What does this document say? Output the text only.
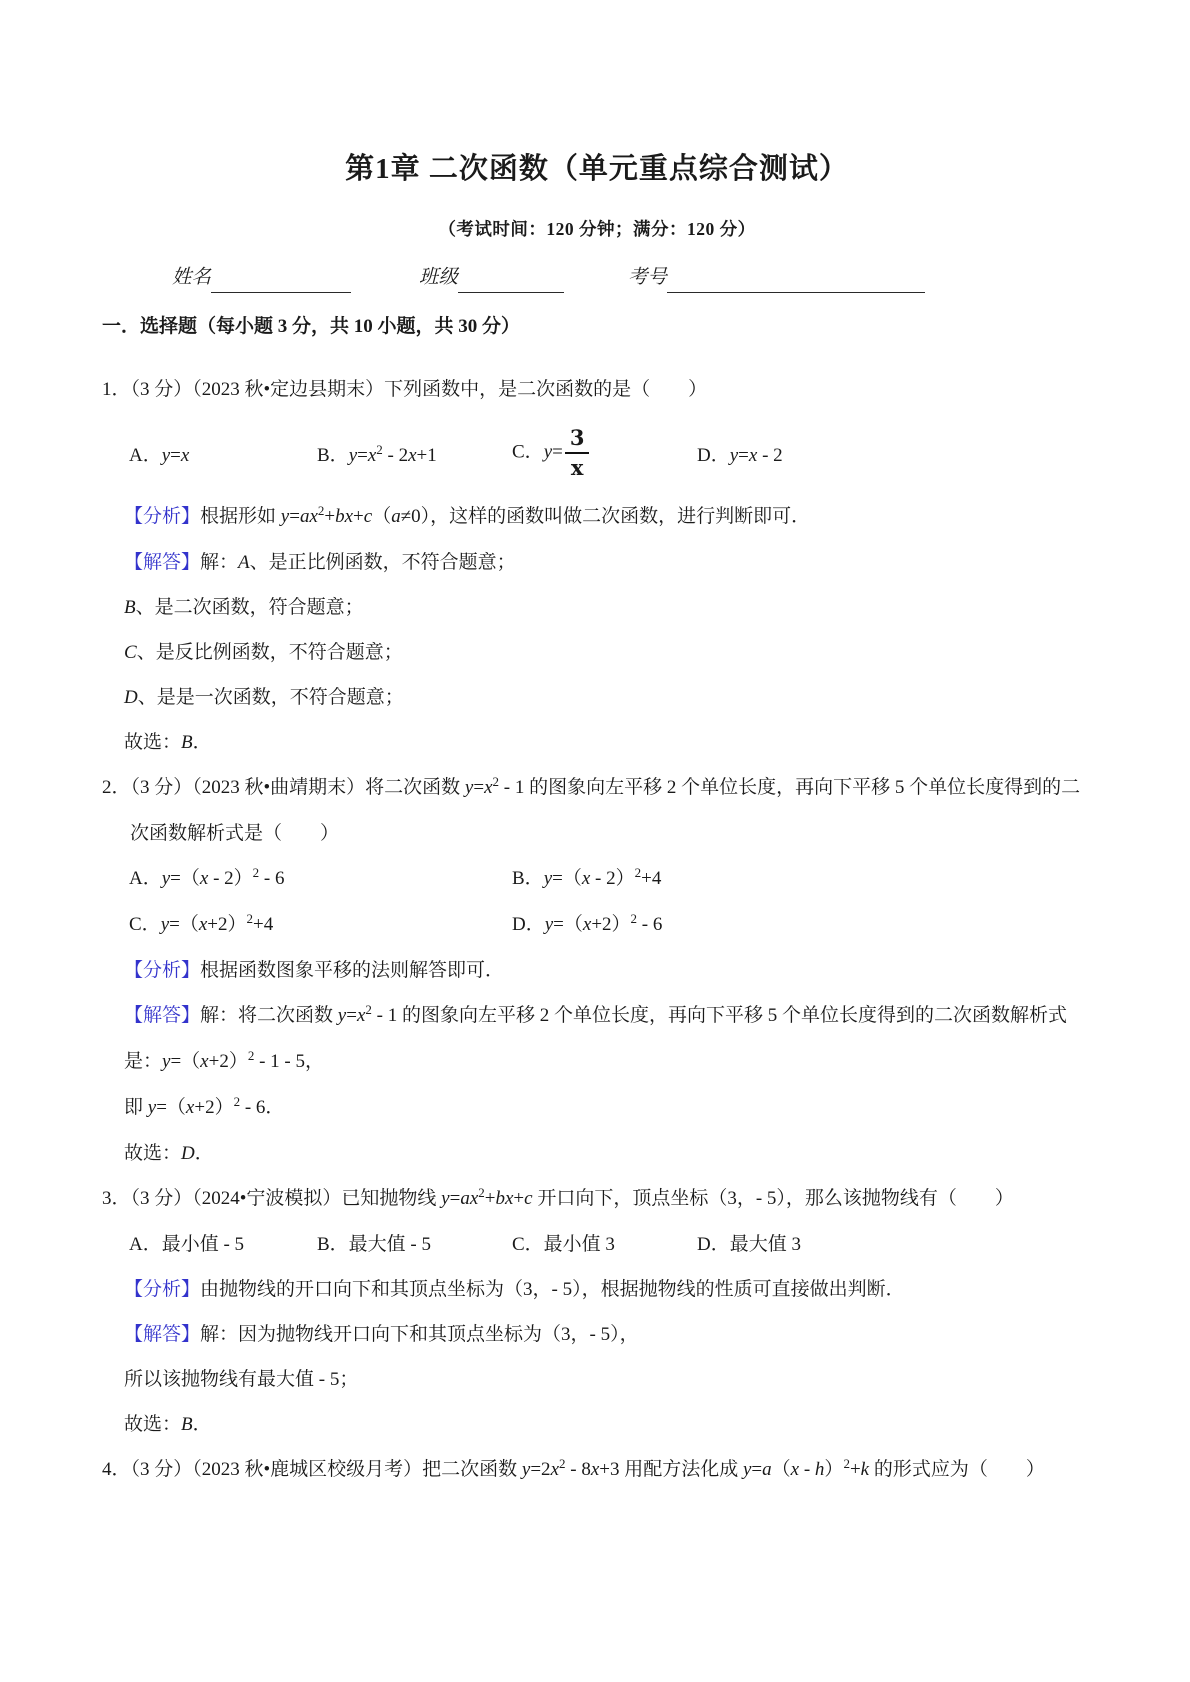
第1章 二次函数（单元重点综合测试）
（考试时间：120 分钟；满分：120 分）
姓名	班级	考号
一．选择题（每小题 3 分，共 10 小题，共 30 分）

1．（3 分）（2023 秋•定边县期末）下列函数中，是二次函数的是（　　）

A．y=x	B．$y=x^2 - 2x+1$	C．$y= \frac{3}{x}$	D．y=x - 2

【分析】根据形如 $y=ax^2+bx+c(a\ne 0)$，这样的函数叫做二次函数，进行判断即可．

【解答】解：A、是正比例函数，不符合题意；

B、是二次函数，符合题意；

C、是反比例函数，不符合题意；

D、是是一次函数，不符合题意；

故选：B．

2．（3 分）（2023 秋•曲靖期末）将二次函数 $y=x^2 - 1$ 的图象向左平移 2 个单位长度，再向下平移 5 个单位长度得到的二次函数解析式是（　　）

A．y=（x - 2）$^2$ - 6	B．y=（x - 2）$^2$+4
C．$y=(x+2)^2+4$	D．$y=(x+2)^2 - 6$

【分析】根据函数图象平移的法则解答即可．

【解答】解：将二次函数 $y=x^2 - 1$ 的图象向左平移 2 个单位长度，再向下平移 5 个单位长度得到的二次函数解析式是：$y=(x+2)^2 - 1 - 5$，

即 $y=(x+2)^2 - 6$．

故选：D．

3．（3 分）（2024•宁波模拟）已知抛物线 $y=ax^2+bx+c$ 开口向下，顶点坐标（3，- 5），那么该抛物线有（　　）

A．最小值 - 5	B．最大值 - 5	C．最小值 3	D．最大值 3

【分析】由抛物线的开口向下和其顶点坐标为（3，- 5），根据抛物线的性质可直接做出判断．

【解答】解：因为抛物线开口向下和其顶点坐标为（3，- 5），

所以该抛物线有最大值 - 5；

故选：B．

4．（3 分）（2023 秋•鹿城区校级月考）把二次函数 $y=2x^2 - 8x+3$ 用配方法化成 y=a（x - h）$^2$+k 的形式应为（　　）
